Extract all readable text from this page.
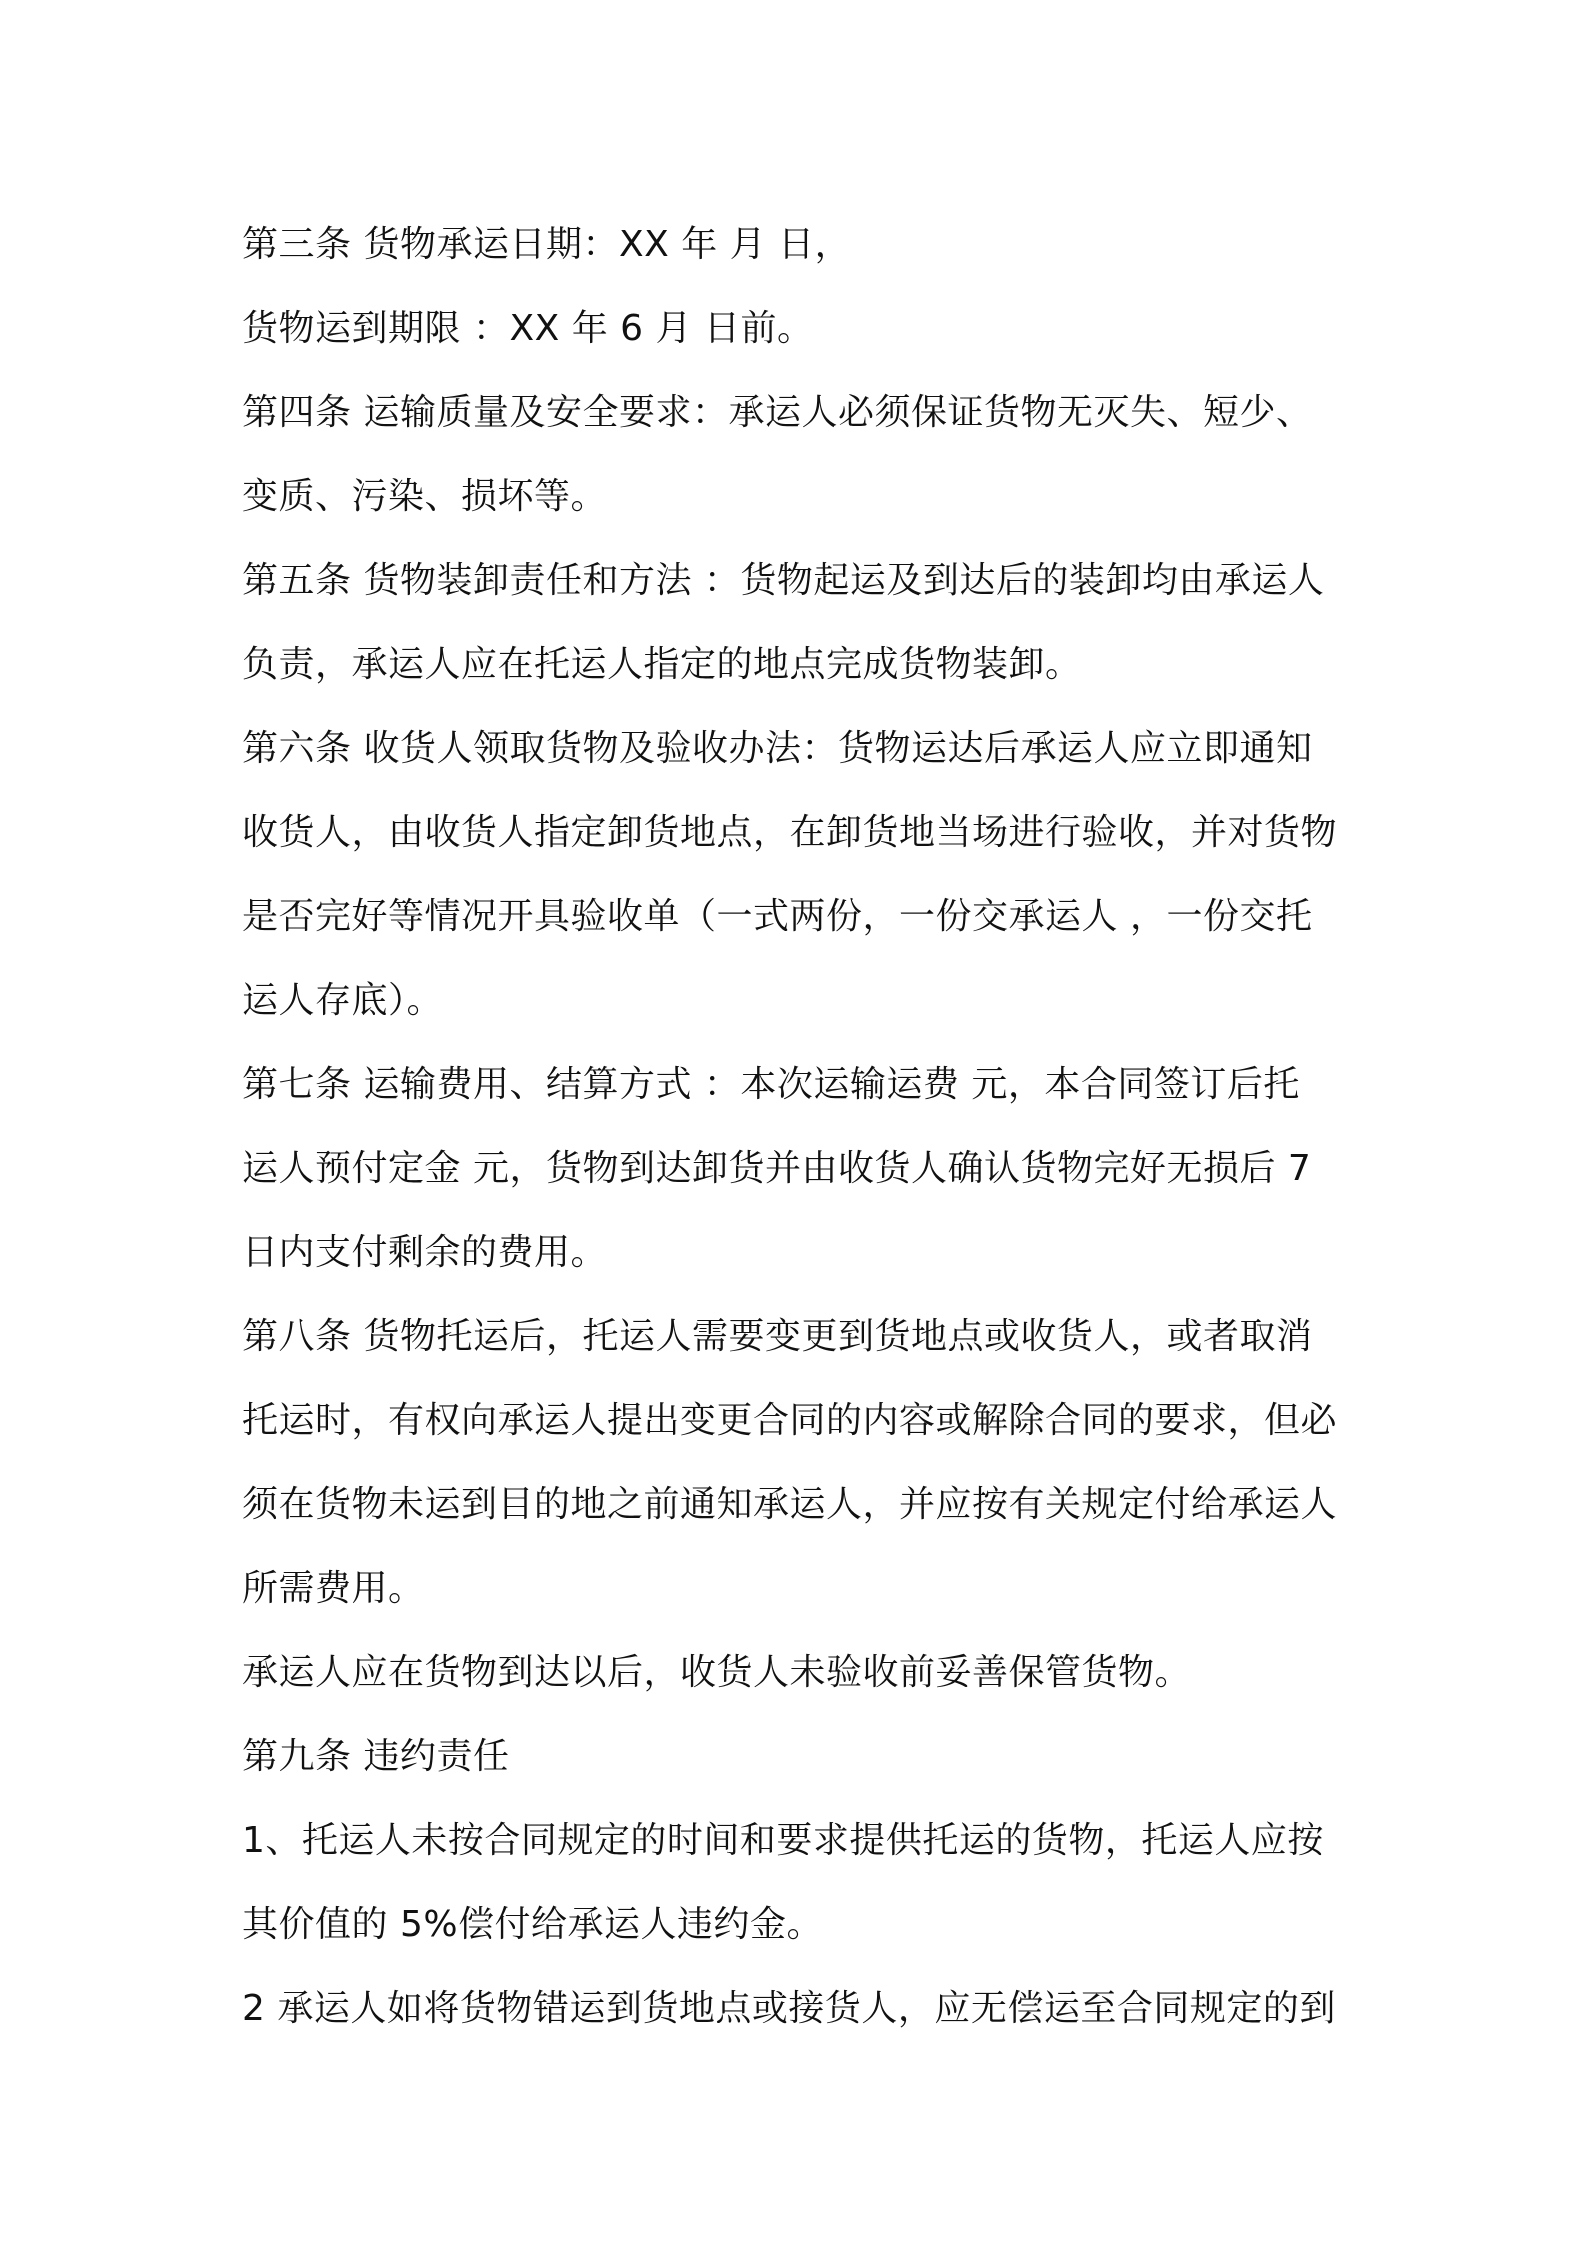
第三条 货物承运日期：XX 年 月 日，
货物运到期限 ：XX 年 6 月 日前。
第四条 运输质量及安全要求：承运人必须保证货物无灭失、短少、
变质、污染、损坏等。
第五条 货物装卸责任和方法 ：货物起运及到达后的装卸均由承运人
负责，承运人应在托运人指定的地点完成货物装卸。
第六条 收货人领取货物及验收办法：货物运达后承运人应立即通知
收货人，由收货人指定卸货地点，在卸货地当场进行验收，并对货物
是否完好等情况开具验收单（一式两份，一份交承运人 ，一份交托
运人存底）。
第七条 运输费用、结算方式 ：本次运输运费 元，本合同签订后托
运人预付定金 元，货物到达卸货并由收货人确认货物完好无损后 7
日内支付剩余的费用。
第八条 货物托运后，托运人需要变更到货地点或收货人，或者取消
托运时，有权向承运人提出变更合同的内容或解除合同的要求，但必
须在货物未运到目的地之前通知承运人，并应按有关规定付给承运人
所需费用。
承运人应在货物到达以后，收货人未验收前妥善保管货物。
第九条 违约责任
1、托运人未按合同规定的时间和要求提供托运的货物，托运人应按
其价值的 5%偿付给承运人违约金。
2 承运人如将货物错运到货地点或接货人，应无偿运至合同规定的到
